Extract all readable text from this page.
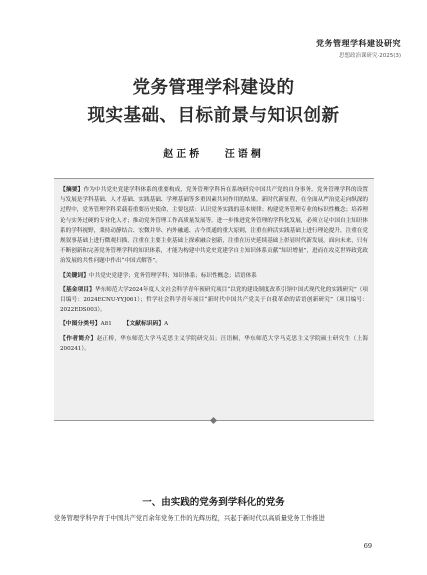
党务管理学科建设研究
思想政治课研究·2025(3)
党务管理学科建设的
现实基础、目标前景与知识创新
赵正桥 汪语桐

【摘要】作为中共党史党建学科体系的重要构成，党务管理学科旨在系统研究中国共产党的自身事务。党务管理学科的设置与发展是学科基础、人才基础、实践基础、学理基础等多重因素共同作用的结果。新时代新征程，在全面从严治党走向纵深的过程中，党务管理学科采载着重要历史使命，主要包括：认识党务实践的基本规律；构建党务管理专业的标识性概念；培养理论与实务过硬的专业化人才；推动党务管理工作高质量发展等。进一步推进党务管理的学科化发展，必须立足中国自主知识体系的学科视野，秉持动静结合、宏微并举、内外融通、古今贯通的重大原则，注重在鲜活实践基础上进行理论提升，注重在党规叙事基础上进行微观扫描，注重在主要主业基础上探索融合创新，注重在历史延续基础上彰显时代新发展。面向未来，只有不断创新和完善党务管理学科的知识体系，才能为构建中共党史党建学自主知识体系贡献“知识增量”，进而在攻克世界政党政治发展的共性问题中作出“中国式解答”。

【关键词】中共党史党建学；党务管理学科；知识体系；标识性概念；话语体系

【基金项目】华东师范大学2024年度人文社会科学青年预研究项目“以党的建设制度改革引领中国式现代化的实践研究”（项目编号：2024ECNU-YYJ061）；哲学社会科学青年项目“新时代中国共产党关于自我革命的话语创新研究”（项目编号：2022EDS003）。

【中图分类号】A81 【文献标识码】A

【作者简介】赵正桥，华东师范大学马克思主义学院研究员；汪语桐，华东师范大学马克思主义学院硕士研究生（上海200241）。

一、由实践的党务到学科化的党务
党务管理学科孕育于中国共产党百余年党务工作的光辉历程，兴起于新时代以高质量党务工作推进
69
